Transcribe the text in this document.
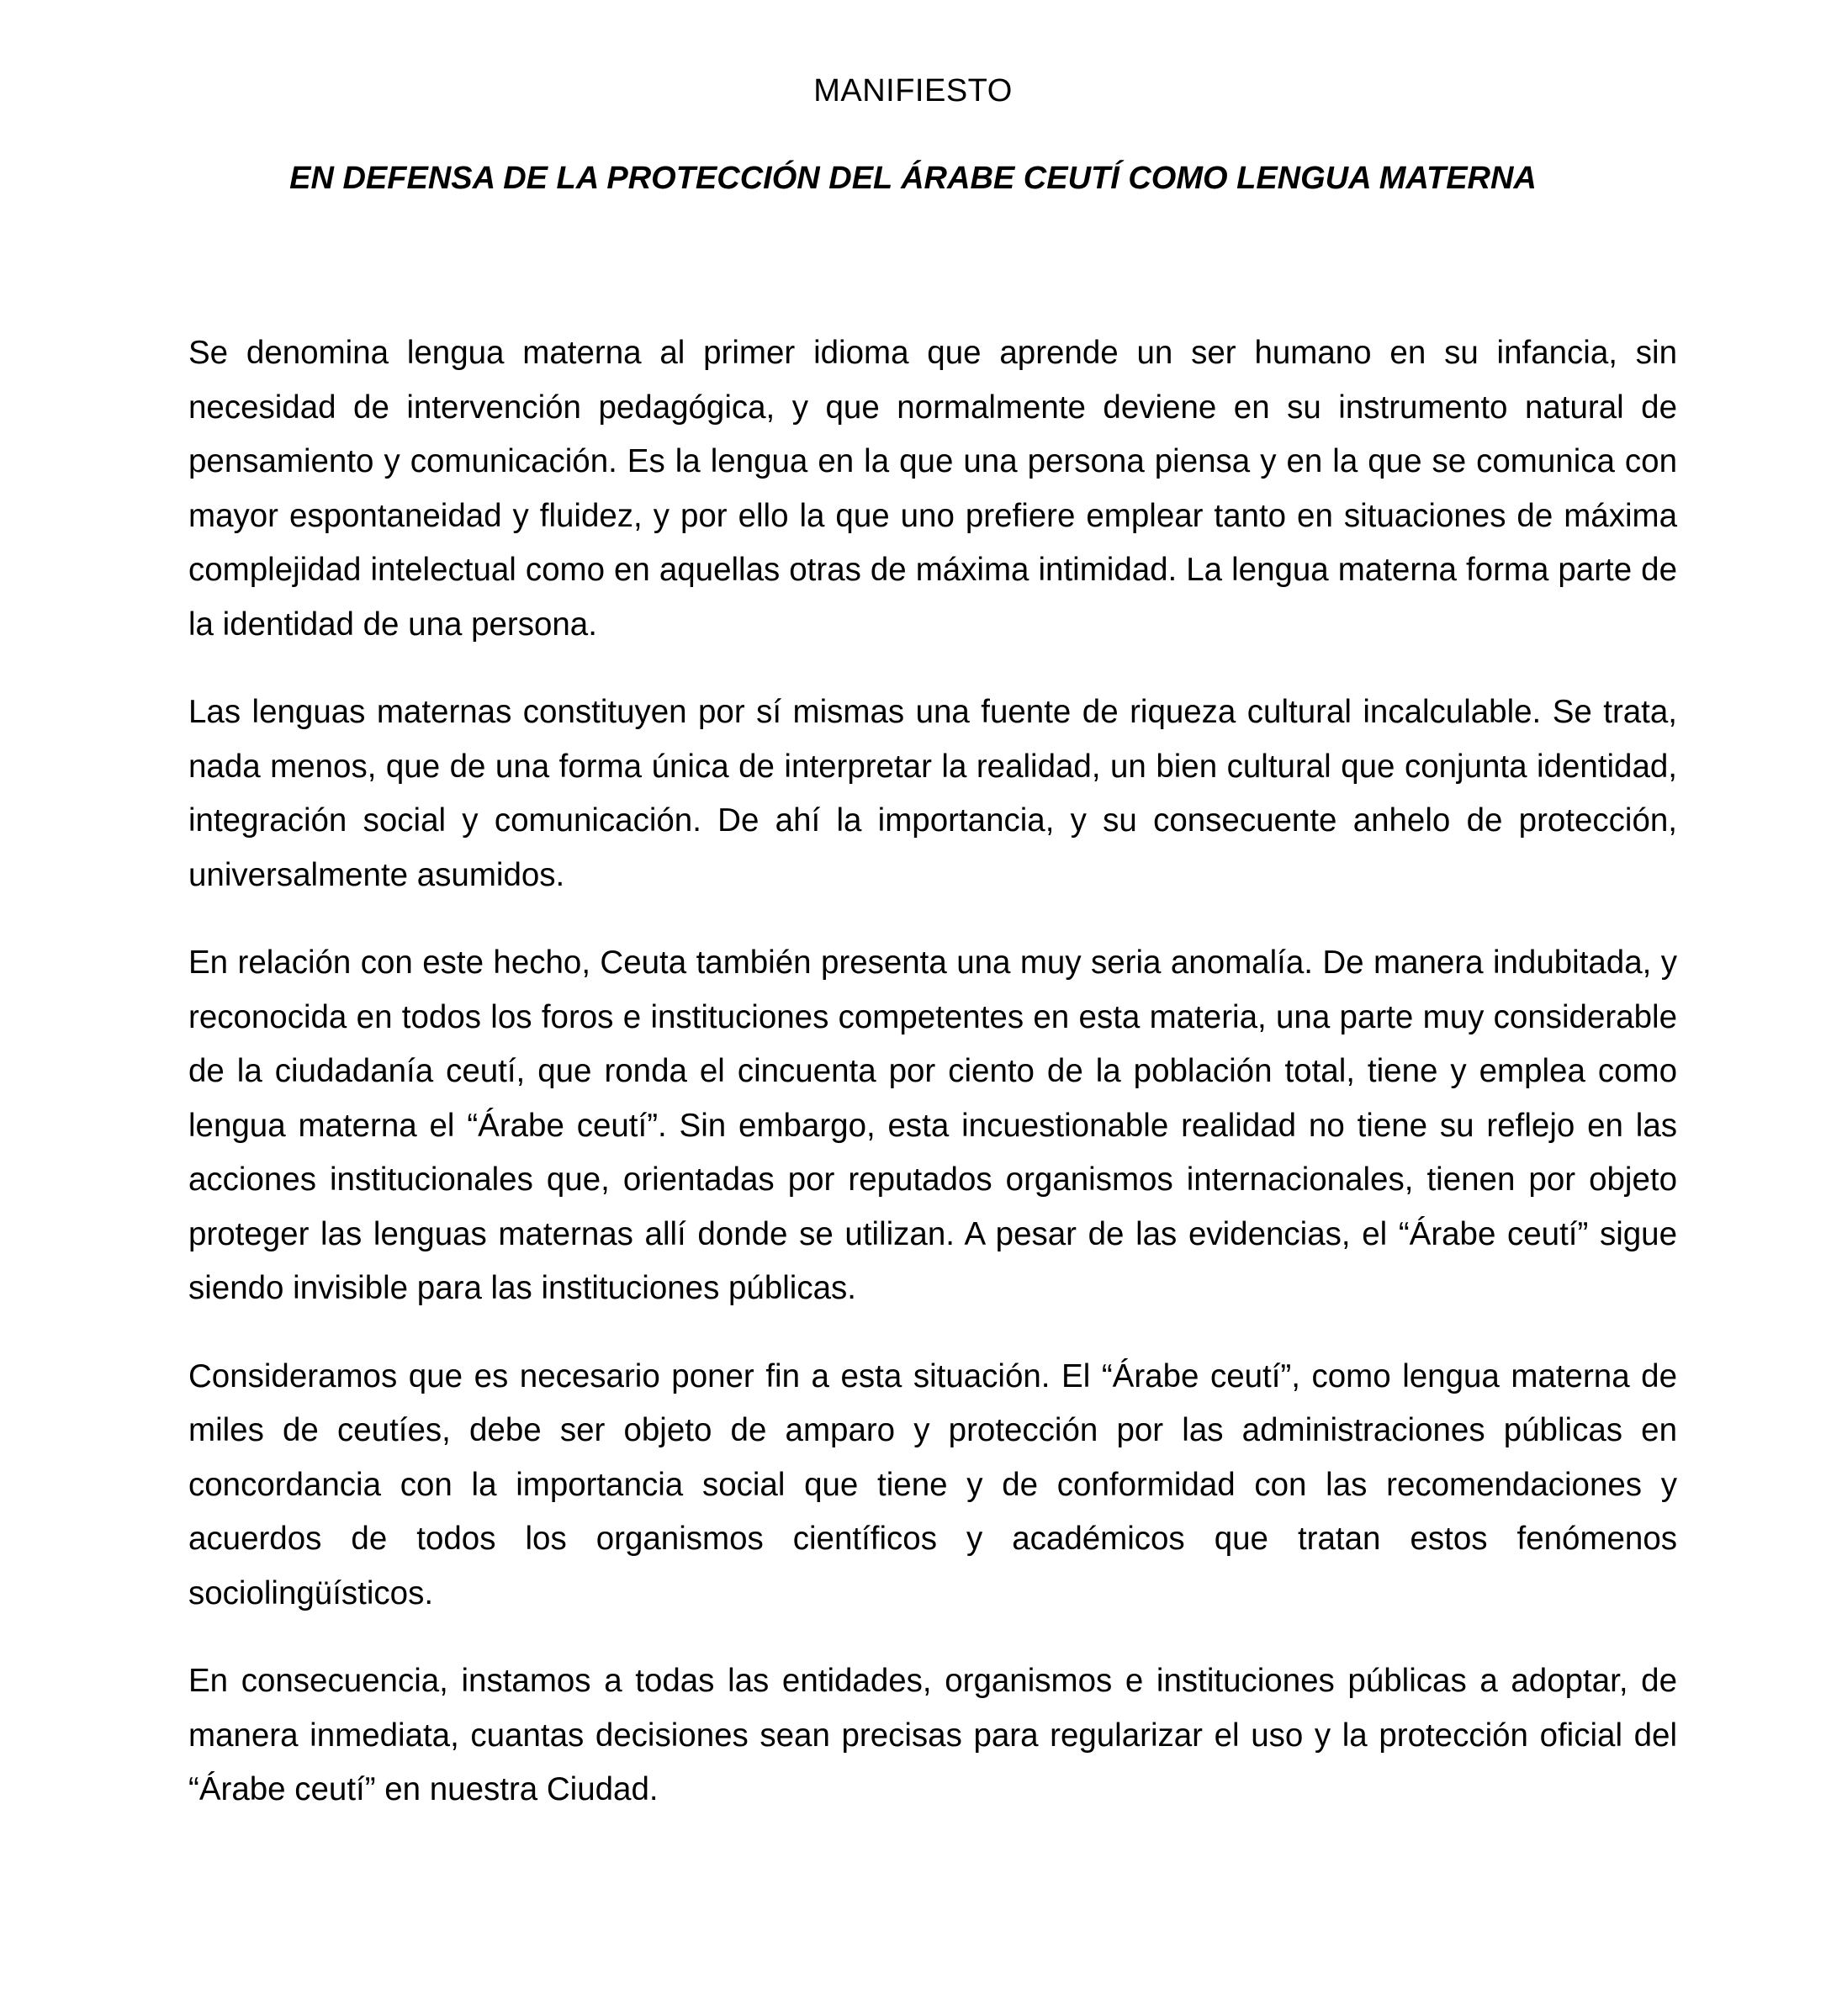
MANIFIESTO
EN DEFENSA DE LA PROTECCIÓN DEL ÁRABE CEUTÍ COMO LENGUA MATERNA

Se denomina lengua materna al primer idioma que aprende un ser humano en su infancia, sin necesidad de intervención pedagógica, y que normalmente deviene en su instrumento natural de pensamiento y comunicación. Es la lengua en la que una persona piensa y en la que se comunica con mayor espontaneidad y fluidez, y por ello la que uno prefiere emplear tanto en situaciones de máxima complejidad intelectual como en aquellas otras de máxima intimidad. La lengua materna forma parte de la identidad de una persona.

Las lenguas maternas constituyen por sí mismas una fuente de riqueza cultural incalculable. Se trata, nada menos, que de una forma única de interpretar la realidad, un bien cultural que conjunta identidad, integración social y comunicación. De ahí la importancia, y su consecuente anhelo de protección, universalmente asumidos.

En relación con este hecho, Ceuta también presenta una muy seria anomalía. De manera indubitada, y reconocida en todos los foros e instituciones competentes en esta materia, una parte muy considerable de la ciudadanía ceutí, que ronda el cincuenta por ciento de la población total, tiene y emplea como lengua materna el “Árabe ceutí”. Sin embargo, esta incuestionable realidad no tiene su reflejo en las acciones institucionales que, orientadas por reputados organismos internacionales, tienen por objeto proteger las lenguas maternas allí donde se utilizan. A pesar de las evidencias, el “Árabe ceutí” sigue siendo invisible para las instituciones públicas.

Consideramos que es necesario poner fin a esta situación. El “Árabe ceutí”, como lengua materna de miles de ceutíes, debe ser objeto de amparo y protección por las administraciones públicas en concordancia con la importancia social que tiene y de conformidad con las recomendaciones y acuerdos de todos los organismos científicos y académicos que tratan estos fenómenos sociolingüísticos.

En consecuencia, instamos a todas las entidades, organismos e instituciones públicas a adoptar, de manera inmediata, cuantas decisiones sean precisas para regularizar el uso y la protección oficial del “Árabe ceutí” en nuestra Ciudad.
